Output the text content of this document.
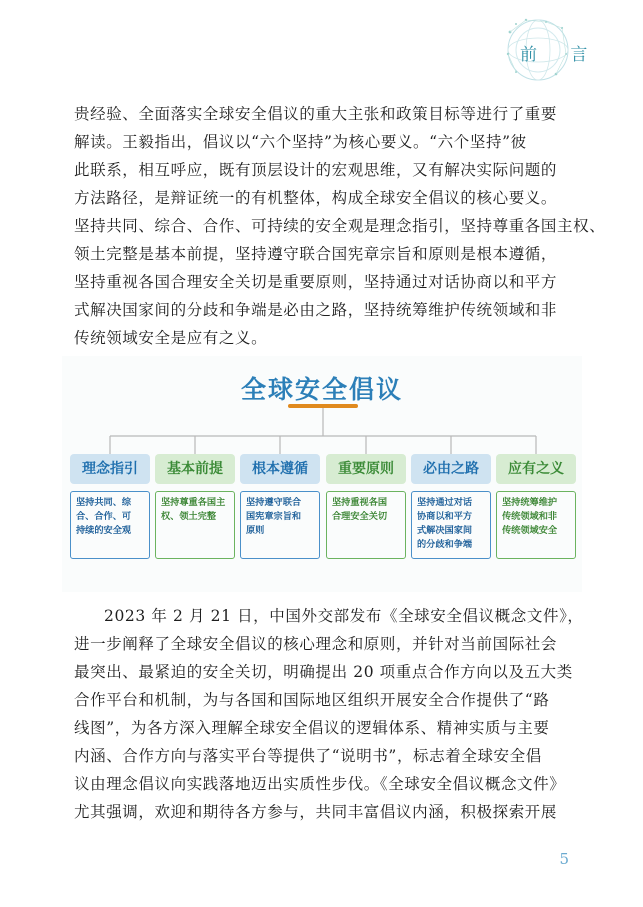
前 言
贵经验、全面落实全球安全倡议的重大主张和政策目标等进行了重要
解读。王毅指出，倡议以“六个坚持”为核心要义。“六个坚持”彼
此联系，相互呼应，既有顶层设计的宏观思维，又有解决实际问题的
方法路径，是辩证统一的有机整体，构成全球安全倡议的核心要义。
坚持共同、综合、合作、可持续的安全观是理念指引，坚持尊重各国主权、
领土完整是基本前提，坚持遵守联合国宪章宗旨和原则是根本遵循，
坚持重视各国合理安全关切是重要原则，坚持通过对话协商以和平方
式解决国家间的分歧和争端是必由之路，坚持统筹维护传统领域和非
传统领域安全是应有之义。
全球安全倡议
理念指引
坚持共同、综
合、合作、可
持续的安全观
基本前提
坚持尊重各国主
权、领土完整
根本遵循
坚持遵守联合
国宪章宗旨和
原则
重要原则
坚持重视各国
合理安全关切
必由之路
坚持通过对话
协商以和平方
式解决国家间
的分歧和争端
应有之义
坚持统筹维护
传统领域和非
传统领域安全
2023 年 2 月 21 日，中国外交部发布《全球安全倡议概念文件》，
进一步阐释了全球安全倡议的核心理念和原则，并针对当前国际社会
最突出、最紧迫的安全关切，明确提出 20 项重点合作方向以及五大类
合作平台和机制，为与各国和国际地区组织开展安全合作提供了“路
线图”，为各方深入理解全球安全倡议的逻辑体系、精神实质与主要
内涵、合作方向与落实平台等提供了“说明书”，标志着全球安全倡
议由理念倡议向实践落地迈出实质性步伐。《全球安全倡议概念文件》
尤其强调，欢迎和期待各方参与，共同丰富倡议内涵，积极探索开展
5
